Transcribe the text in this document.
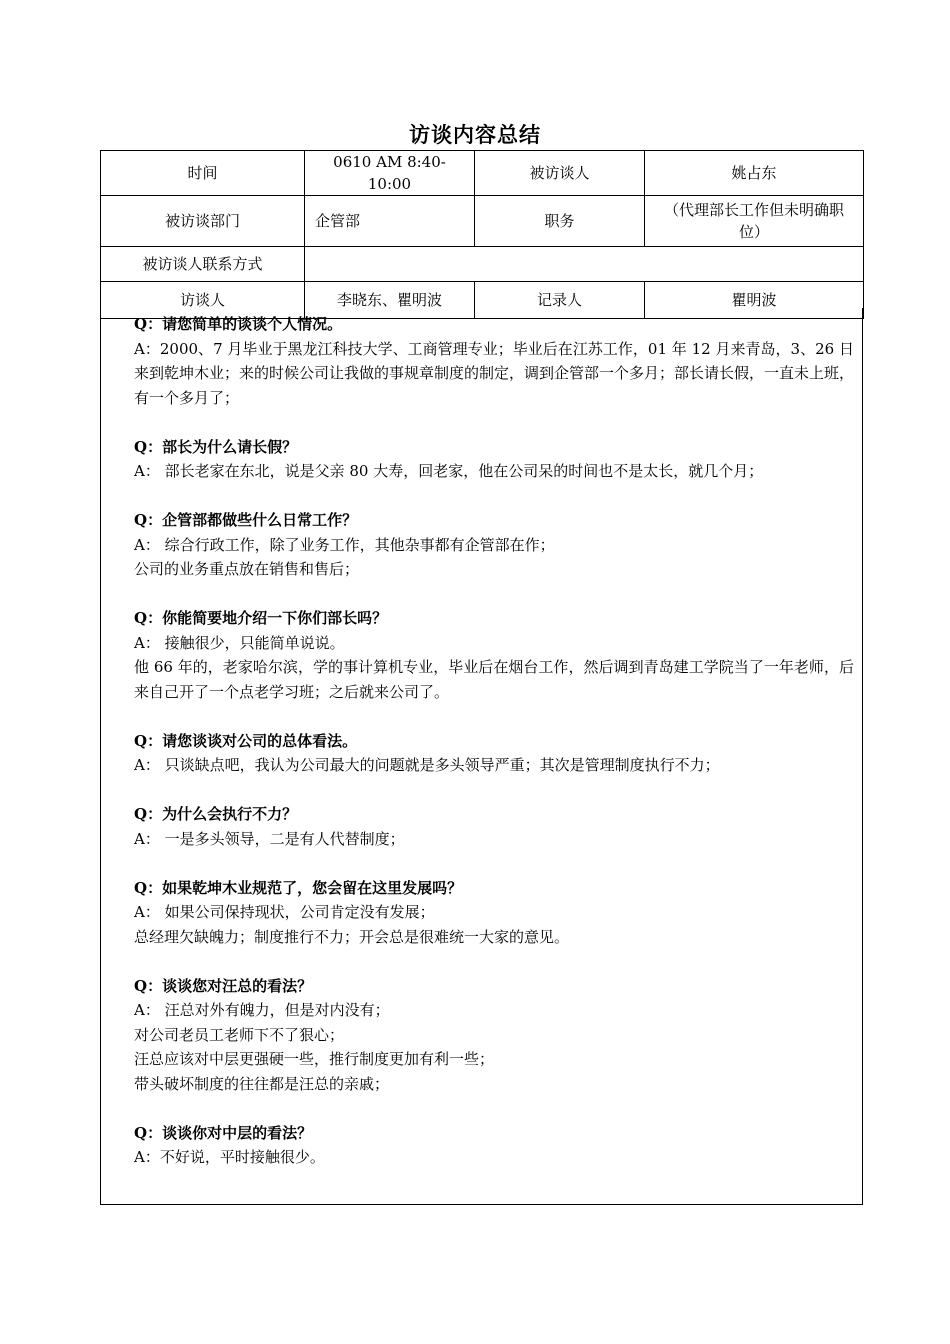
访谈内容总结
时间	0610 AM 8:40-10:00	被访谈人	姚占东
被访谈部门	企管部	职务	（代理部长工作但未明确职位）
被访谈人联系方式			
访谈人	李晓东、瞿明波	记录人	瞿明波
Q：请您简单的谈谈个人情况。
A：2000、7 月毕业于黑龙江科技大学、工商管理专业；毕业后在江苏工作，01 年 12 月来青岛，3、26 日来到乾坤木业；来的时候公司让我做的事规章制度的制定，调到企管部一个多月；部长请长假，一直未上班，有一个多月了；
Q：部长为什么请长假？
A： 部长老家在东北，说是父亲 80 大寿，回老家，他在公司呆的时间也不是太长，就几个月；
Q：企管部都做些什么日常工作？
A： 综合行政工作，除了业务工作，其他杂事都有企管部在作；
公司的业务重点放在销售和售后；
Q：你能简要地介绍一下你们部长吗？
A： 接触很少，只能简单说说。
他 66 年的，老家哈尔滨，学的事计算机专业，毕业后在烟台工作，然后调到青岛建工学院当了一年老师，后来自己开了一个点老学习班；之后就来公司了。
Q：请您谈谈对公司的总体看法。
A： 只谈缺点吧，我认为公司最大的问题就是多头领导严重；其次是管理制度执行不力；
Q：为什么会执行不力？
A： 一是多头领导，二是有人代替制度；
Q：如果乾坤木业规范了，您会留在这里发展吗？
A： 如果公司保持现状，公司肯定没有发展；
总经理欠缺魄力；制度推行不力；开会总是很难统一大家的意见。
Q：谈谈您对汪总的看法？
A： 汪总对外有魄力，但是对内没有；
对公司老员工老师下不了狠心；
汪总应该对中层更强硬一些，推行制度更加有利一些；
带头破坏制度的往往都是汪总的亲戚；
Q：谈谈你对中层的看法？
A：不好说，平时接触很少。
